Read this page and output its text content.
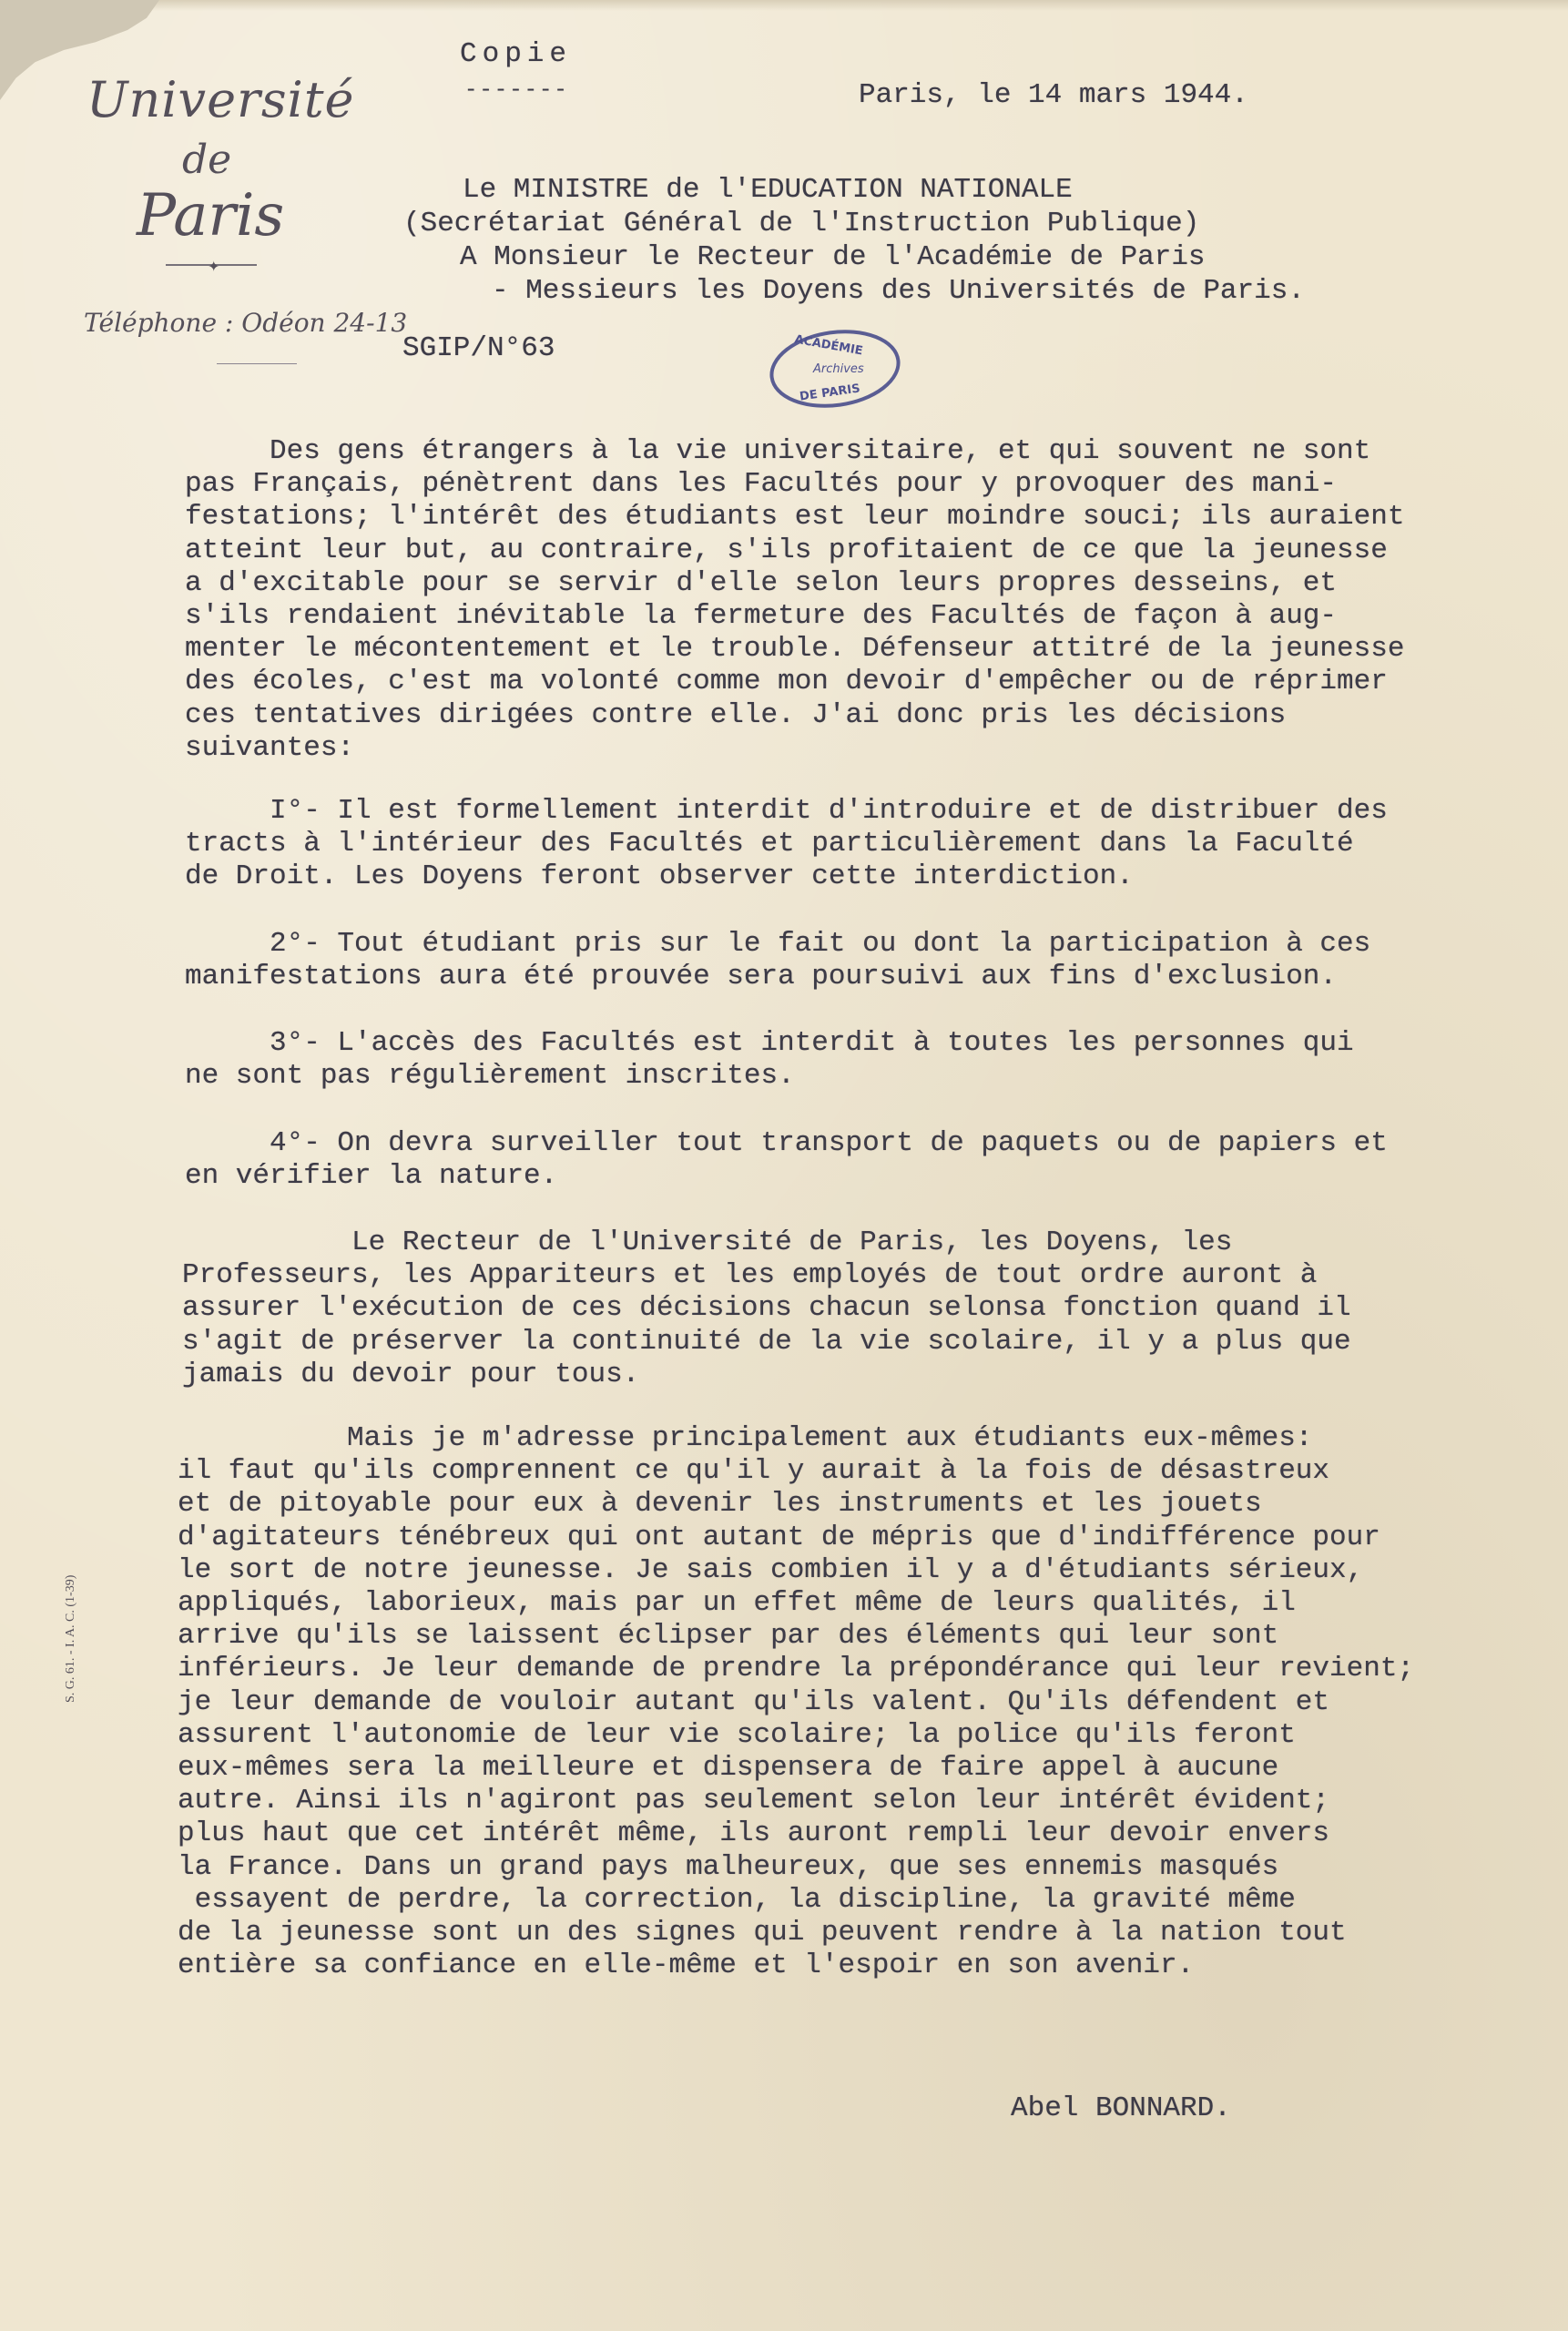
Université
de
Paris
✦
Téléphone : Odéon 24-13
Copie
-------	Paris, le 14 mars 1944.
Le MINISTRE de l'EDUCATION NATIONALE
(Secrétariat Général de l'Instruction Publique)
A Monsieur le Recteur de l'Académie de Paris
- Messieurs les Doyens des Universités de Paris.
SGIP/N°63	ACADÉMIE
Archives
DE PARIS
Des gens étrangers à la vie universitaire, et qui souvent ne sont
pas Français, pénètrent dans les Facultés pour y provoquer des mani-
festations; l'intérêt des étudiants est leur moindre souci; ils auraient
atteint leur but, au contraire, s'ils profitaient de ce que la jeunesse
a d'excitable pour se servir d'elle selon leurs propres desseins, et
s'ils rendaient inévitable la fermeture des Facultés de façon à aug-
menter le mécontentement et le trouble. Défenseur attitré de la jeunesse
des écoles, c'est ma volonté comme mon devoir d'empêcher ou de réprimer
ces tentatives dirigées contre elle. J'ai donc pris les décisions
suivantes:
I°- Il est formellement interdit d'introduire et de distribuer des
tracts à l'intérieur des Facultés et particulièrement dans la Faculté
de Droit. Les Doyens feront observer cette interdiction.
2°- Tout étudiant pris sur le fait ou dont la participation à ces
manifestations aura été prouvée sera poursuivi aux fins d'exclusion.
3°- L'accès des Facultés est interdit à toutes les personnes qui
ne sont pas régulièrement inscrites.
4°- On devra surveiller tout transport de paquets ou de papiers et
en vérifier la nature.
Le Recteur de l'Université de Paris, les Doyens, les
Professeurs, les Appariteurs et les employés de tout ordre auront à
assurer l'exécution de ces décisions chacun selonsa fonction quand il
s'agit de préserver la continuité de la vie scolaire, il y a plus que
jamais du devoir pour tous.
Mais je m'adresse principalement aux étudiants eux-mêmes:
il faut qu'ils comprennent ce qu'il y aurait à la fois de désastreux
et de pitoyable pour eux à devenir les instruments et les jouets
d'agitateurs ténébreux qui ont autant de mépris que d'indifférence pour
le sort de notre jeunesse. Je sais combien il y a d'étudiants sérieux,
appliqués, laborieux, mais par un effet même de leurs qualités, il
arrive qu'ils se laissent éclipser par des éléments qui leur sont
inférieurs. Je leur demande de prendre la prépondérance qui leur revient;
je leur demande de vouloir autant qu'ils valent. Qu'ils défendent et
assurent l'autonomie de leur vie scolaire; la police qu'ils feront
eux-mêmes sera la meilleure et dispensera de faire appel à aucune
autre. Ainsi ils n'agiront pas seulement selon leur intérêt évident;
plus haut que cet intérêt même, ils auront rempli leur devoir envers
la France. Dans un grand pays malheureux, que ses ennemis masqués
essayent de perdre, la correction, la discipline, la gravité même
de la jeunesse sont un des signes qui peuvent rendre à la nation tout
entière sa confiance en elle-même et l'espoir en son avenir.
Abel BONNARD.
S. G. 61. - I. A. C. (1-39)
